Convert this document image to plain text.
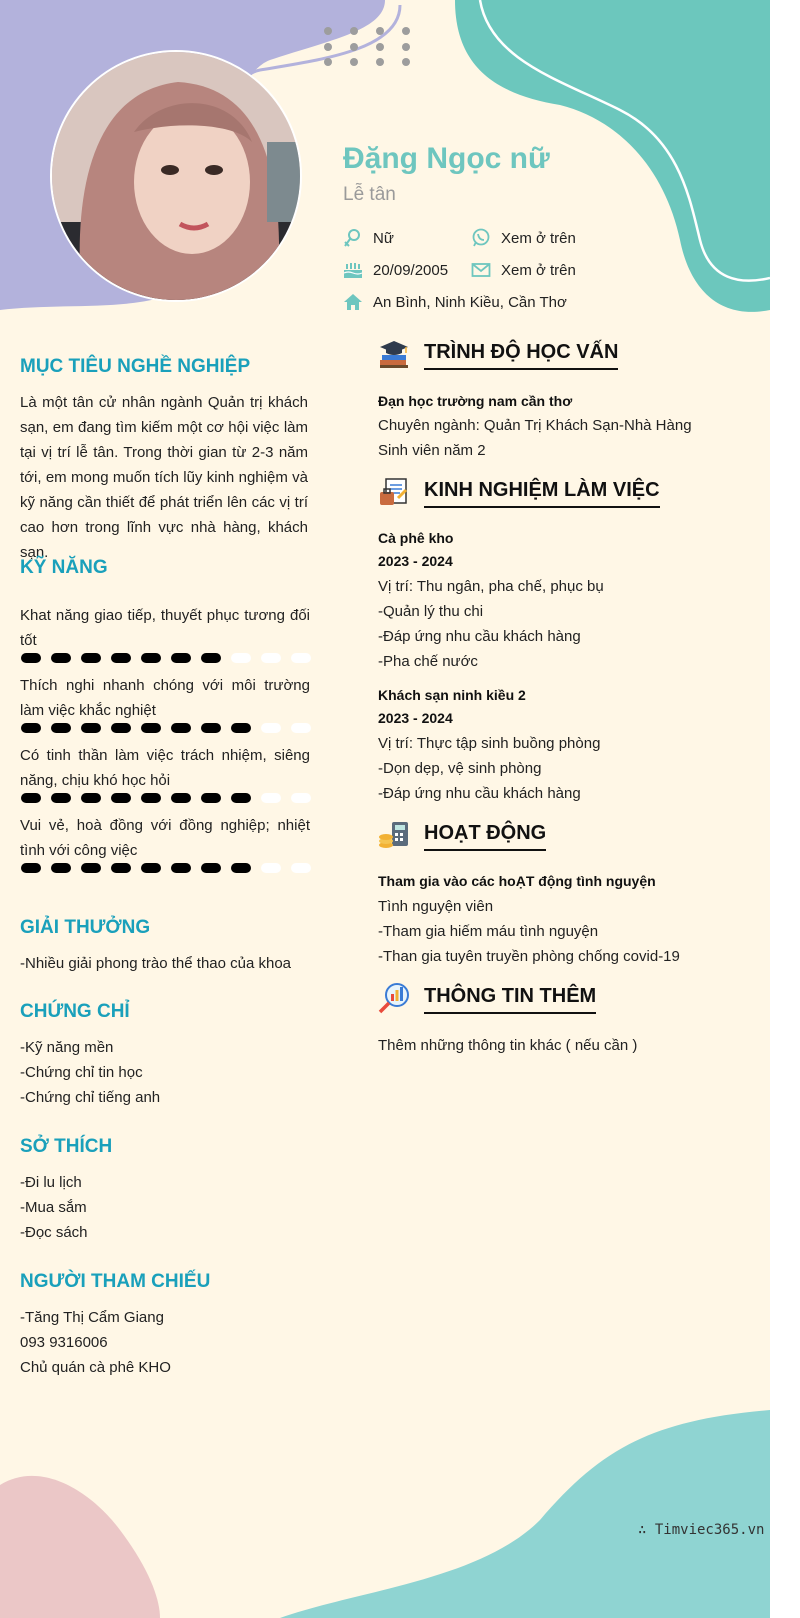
Đặng Ngọc nữ
Lễ tân
Nữ	Xem ở trên
20/09/2005	Xem ở trên
An Bình, Ninh Kiều, Cần Thơ
MỤC TIÊU NGHỀ NGHIỆP
Là một tân cử nhân ngành Quản trị khách sạn, em đang tìm kiếm một cơ hội việc làm tại vị trí lễ tân. Trong thời gian từ 2-3 năm tới, em mong muốn tích lũy kinh nghiệm và kỹ năng cần thiết để phát triển lên các vị trí cao hơn trong lĩnh vực nhà hàng, khách sạn.
KỸ NĂNG
Khat năng giao tiếp, thuyết phục tương đối tốt
Thích nghi nhanh chóng với môi trường làm việc khắc nghiệt
Có tinh thần làm việc trách nhiệm, siêng năng, chịu khó học hỏi
Vui vẻ, hoà đồng với đồng nghiệp; nhiệt tình với công việc
GIẢI THƯỞNG
-Nhiều giải phong trào thể thao của khoa
CHỨNG CHỈ
-Kỹ năng mền
-Chứng chỉ tin học
-Chứng chỉ tiếng anh
SỞ THÍCH
-Đi lu lịch
-Mua sắm
-Đọc sách
NGƯỜI THAM CHIẾU
-Tăng Thị Cẩm Giang
093 9316006
Chủ quán cà phê KHO
TRÌNH ĐỘ HỌC VẤN
Đạn học trường nam cần thơ
Chuyên ngành: Quản Trị Khách Sạn-Nhà Hàng
Sinh viên năm 2
KINH NGHIỆM LÀM VIỆC
Cà phê kho
2023 - 2024
Vị trí: Thu ngân, pha chế, phục bụ
-Quản lý thu chi
-Đáp ứng nhu cầu khách hàng
-Pha chế nước
Khách sạn ninh kiều 2
2023 - 2024
Vị trí: Thực tập sinh buồng phòng
-Dọn dẹp, vệ sinh phòng
-Đáp ứng nhu cầu khách hàng
HOẠT ĐỘNG
Tham gia vào các hoẠT động tình nguyện
Tình nguyện viên
-Tham gia hiếm máu tình nguyện
-Than gia tuyên truyền phòng chống covid-19
THÔNG TIN THÊM
Thêm những thông tin khác ( nếu cần )
∴ Timviec365.vn
